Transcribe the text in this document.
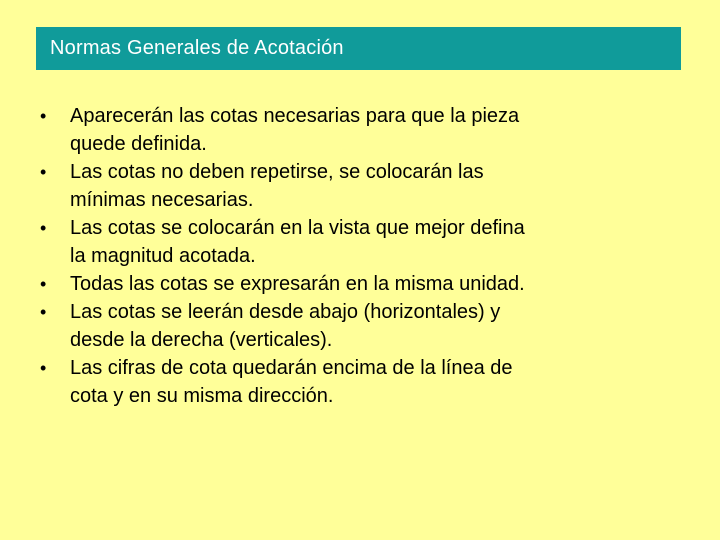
Normas Generales de Acotación
•	Aparecerán las cotas necesarias para que la pieza
quede definida.
•	Las cotas no deben repetirse, se colocarán las
mínimas necesarias.
•	Las cotas se colocarán en la vista que mejor defina
la magnitud acotada.
•	Todas las cotas se expresarán en la misma unidad.
•	Las cotas se leerán desde abajo (horizontales) y
desde la derecha (verticales).
•	Las cifras de cota quedarán encima de la línea de
cota y en su misma dirección.
